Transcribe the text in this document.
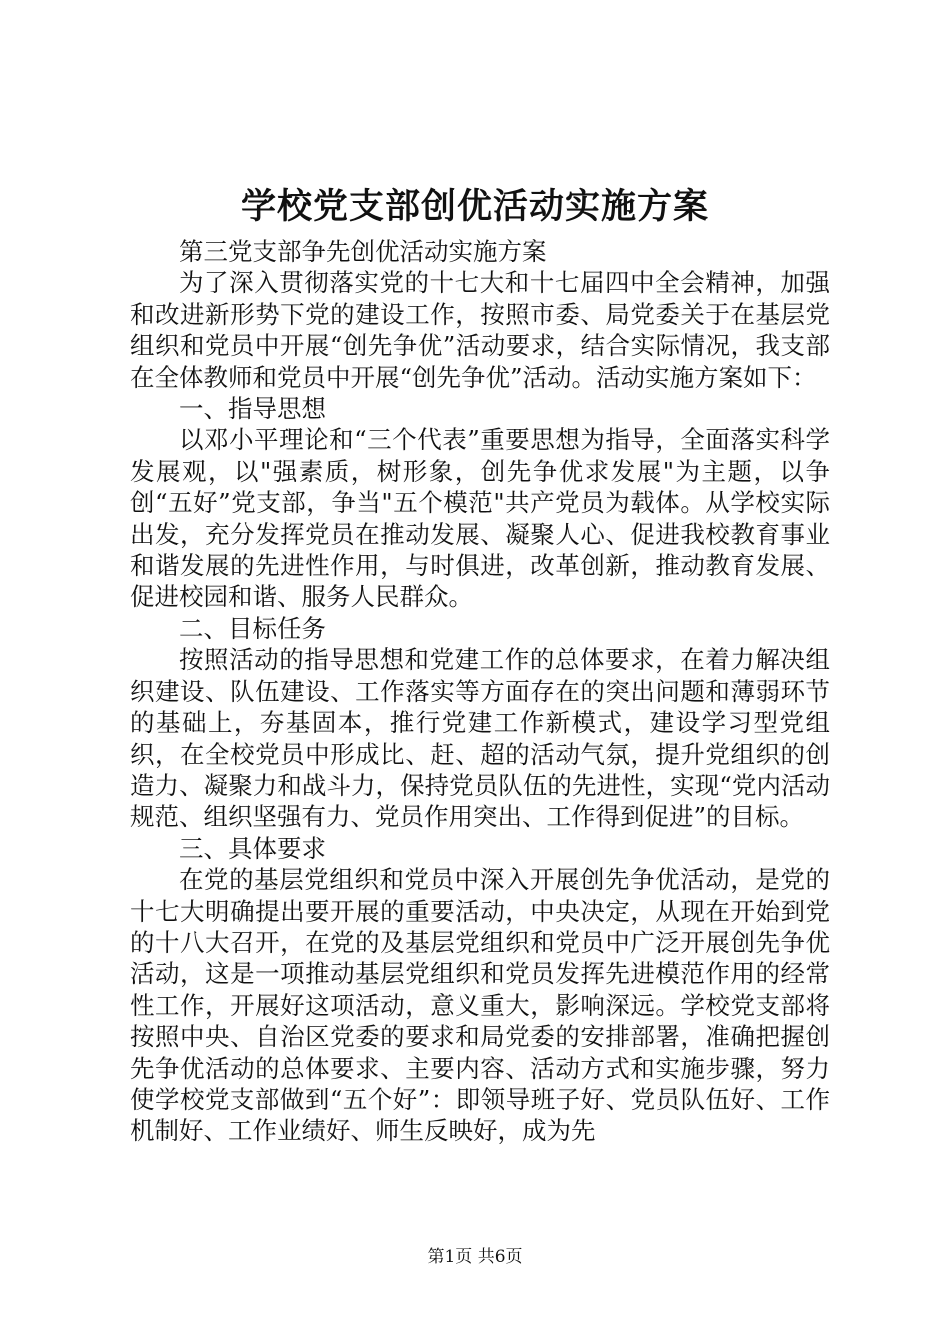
学校党支部创优活动实施方案

第三党支部争先创优活动实施方案

为了深入贯彻落实党的十七大和十七届四中全会精神，加强和改进新形势下党的建设工作，按照市委、局党委关于在基层党组织和党员中开展“创先争优”活动要求，结合实际情况，我支部在全体教师和党员中开展“创先争优”活动。活动实施方案如下：

一、指导思想

以邓小平理论和“三个代表”重要思想为指导，全面落实科学发展观，以"强素质，树形象，创先争优求发展"为主题，以争创“五好”党支部，争当"五个模范"共产党员为载体。从学校实际出发，充分发挥党员在推动发展、凝聚人心、促进我校教育事业和谐发展的先进性作用，与时俱进，改革创新，推动教育发展、促进校园和谐、服务人民群众。

二、目标任务

按照活动的指导思想和党建工作的总体要求，在着力解决组织建设、队伍建设、工作落实等方面存在的突出问题和薄弱环节的基础上，夯基固本，推行党建工作新模式，建设学习型党组织，在全校党员中形成比、赶、超的活动气氛，提升党组织的创造力、凝聚力和战斗力，保持党员队伍的先进性，实现“党内活动规范、组织坚强有力、党员作用突出、工作得到促进”的目标。

三、具体要求

在党的基层党组织和党员中深入开展创先争优活动，是党的十七大明确提出要开展的重要活动，中央决定，从现在开始到党的十八大召开，在党的及基层党组织和党员中广泛开展创先争优活动，这是一项推动基层党组织和党员发挥先进模范作用的经常性工作，开展好这项活动，意义重大，影响深远。学校党支部将按照中央、自治区党委的要求和局党委的安排部署，准确把握创先争优活动的总体要求、主要内容、活动方式和实施步骤，努力使学校党支部做到“五个好”：即领导班子好、党员队伍好、工作机制好、工作业绩好、师生反映好，成为先

第1页 共6页
